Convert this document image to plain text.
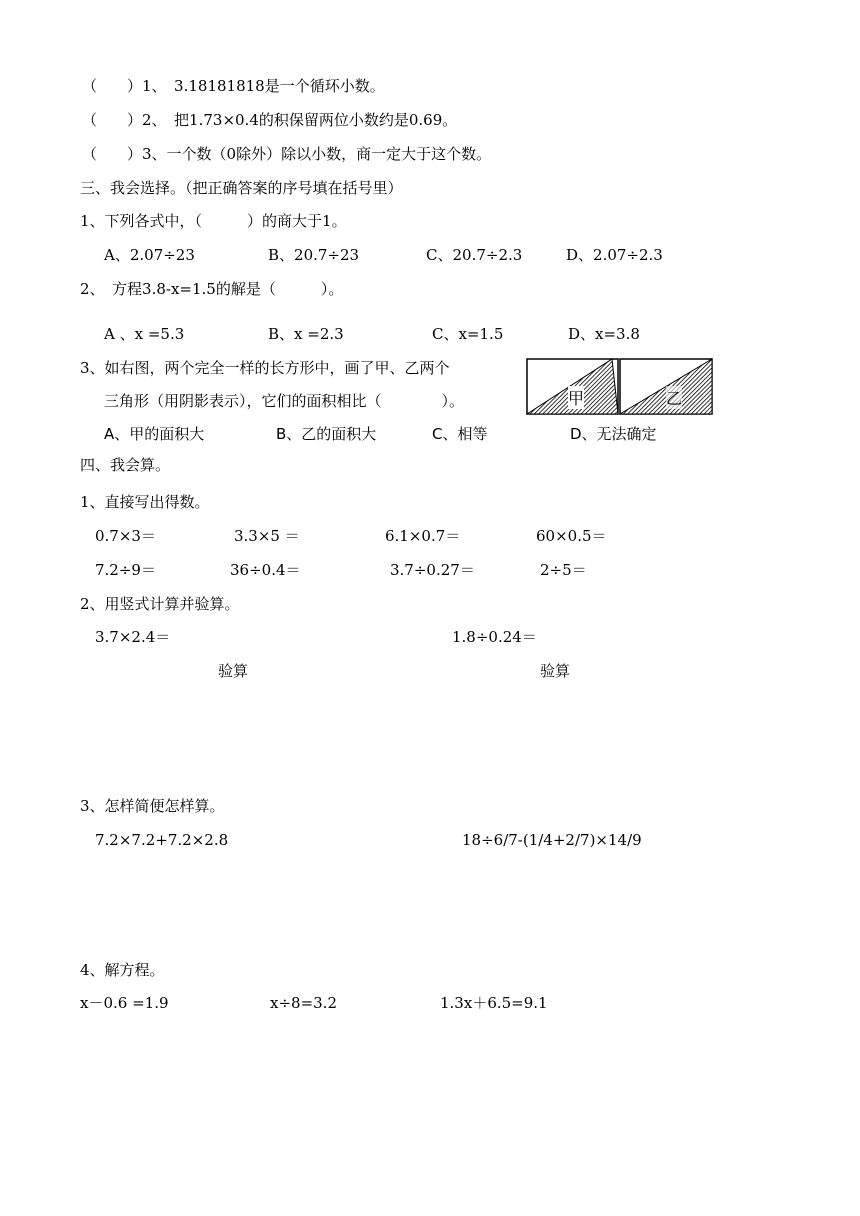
（　　）1、　3.18181818是一个循环小数。
（　　）2、　把1.73×0.4的积保留两位小数约是0.69。
（　　）3、一个数（0除外）除以小数，商一定大于这个数。
三、我会选择。（把正确答案的序号填在括号里）
1、下列各式中，（　　　）的商大于1。
A、2.07÷23	B、20.7÷23	C、20.7÷2.3	D、2.07÷2.3
2、　方程3.8-x=1.5的解是（　　　）。
A 、x =5.3	B、x =2.3	C、x=1.5	D、x=3.8
3、如右图，两个完全一样的长方形中，画了甲、乙两个
三角形（用阴影表示），它们的面积相比（　　　　）。	甲	乙
A、甲的面积大	B、乙的面积大	C、相等	D、无法确定
四、我会算。
1、直接写出得数。
0.7×3＝	3.3×5 ＝	6.1×0.7＝	60×0.5＝
7.2÷9＝	36÷0.4＝	3.7÷0.27＝	2÷5＝
2、用竖式计算并验算。
3.7×2.4＝	1.8÷0.24＝
验算	验算
3、怎样简便怎样算。
7.2×7.2+7.2×2.8	18÷6/7-(1/4+2/7)×14/9
4、解方程。
x－0.6 =1.9	x÷8=3.2	1.3x＋6.5=9.1
